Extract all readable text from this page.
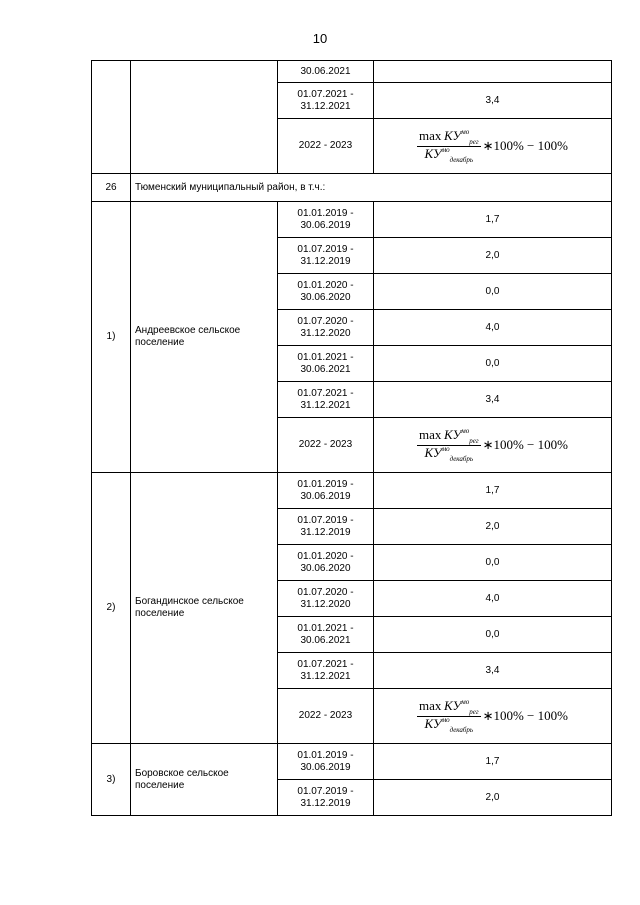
10
		30.06.2021	
		01.07.2021 -
31.12.2021	3,4
		2022 - 2023	$\frac{\max КУ^{мо}_{рег}}{КУ^{мо}_{декабрь}}$ ∗100% − 100%

26	Тюменский муниципальный район, в т.ч.:		
1)	Андреевское сельское поселение	01.01.2019 -
30.06.2019	1,7
		01.07.2019 -
31.12.2019	2,0
		01.01.2020 -
30.06.2020	0,0
		01.07.2020 -
31.12.2020	4,0
		01.01.2021 -
30.06.2021	0,0
		01.07.2021 -
31.12.2021	3,4
		2022 - 2023	$\frac{\max КУ^{мо}_{рег}}{КУ^{мо}_{декабрь}}$ ∗100% − 100%

2)	Богандинское сельское поселение	01.01.2019 -
30.06.2019	1,7
		01.07.2019 -
31.12.2019	2,0
		01.01.2020 -
30.06.2020	0,0
		01.07.2020 -
31.12.2020	4,0
		01.01.2021 -
30.06.2021	0,0
		01.07.2021 -
31.12.2021	3,4
		2022 - 2023	$\frac{\max КУ^{мо}_{рег}}{КУ^{мо}_{декабрь}}$ ∗100% − 100%

3)	Боровское сельское поселение	01.01.2019 -
30.06.2019	1,7
		01.07.2019 -
31.12.2019	2,0
